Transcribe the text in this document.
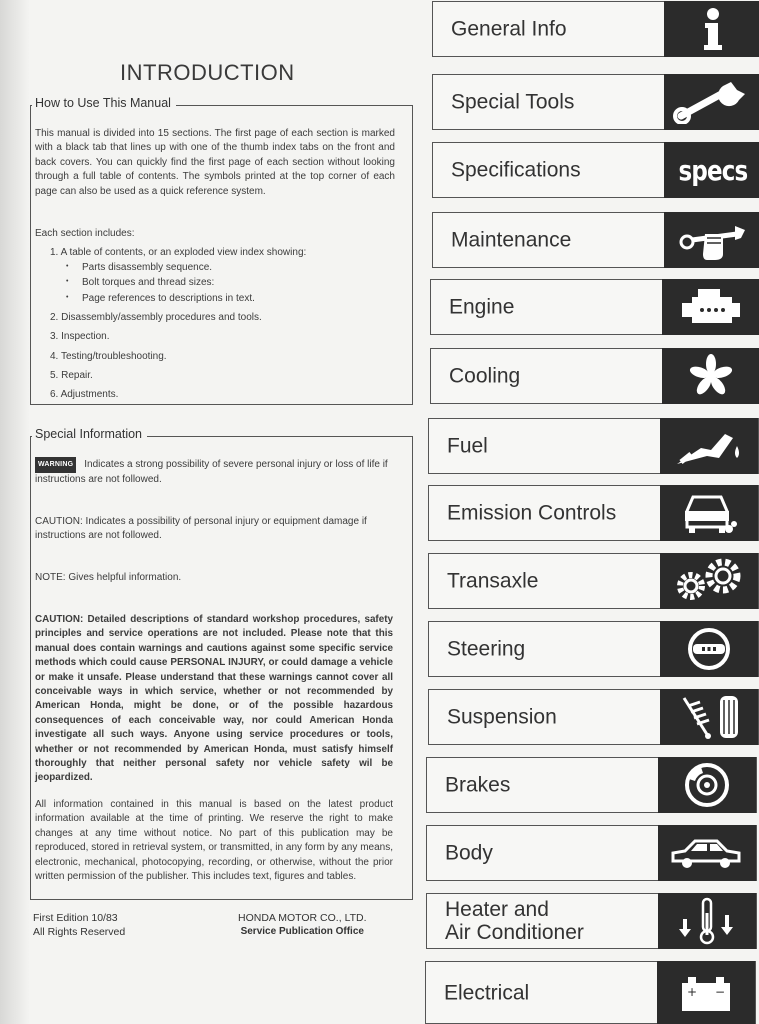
INTRODUCTION
How to Use This Manual
This manual is divided into 15 sections. The first page of each section is marked with a black tab that lines up with one of the thumb index tabs on the front and back covers. You can quickly find the first page of each section without looking through a full table of contents. The symbols printed at the top corner of each page can also be used as a quick reference system.
Each section includes:
1. A table of contents, or an exploded view index showing:
• Parts disassembly sequence.
• Bolt torques and thread sizes:
• Page references to descriptions in text.
2. Disassembly/assembly procedures and tools.
3. Inspection.
4. Testing/troubleshooting.
5. Repair.
6. Adjustments.
Special Information
WARNING Indicates a strong possibility of severe personal injury or loss of life if instructions are not followed.
CAUTION: Indicates a possibility of personal injury or equipment damage if instructions are not followed.
NOTE: Gives helpful information.
CAUTION: Detailed descriptions of standard workshop procedures, safety principles and service operations are not included. Please note that this manual does contain warnings and cautions against some specific service methods which could cause PERSONAL INJURY, or could damage a vehicle or make it unsafe. Please understand that these warnings cannot cover all conceivable ways in which service, whether or not recommended by American Honda, might be done, or of the possible hazardous consequences of each conceivable way, nor could American Honda investigate all such ways. Anyone using service procedures or tools, whether or not recommended by American Honda, must satisfy himself thoroughly that neither personal safety nor vehicle safety wil be jeopardized.
All information contained in this manual is based on the latest product information available at the time of printing. We reserve the right to make changes at any time without notice. No part of this publication may be reproduced, stored in retrieval system, or transmitted, in any form by any means, electronic, mechanical, photocopying, recording, or otherwise, without the prior written permission of the publisher. This includes text, figures and tables.
First Edition 10/83
All Rights Reserved
HONDA MOTOR CO., LTD.
Service Publication Office
General Info
Special Tools
Specifications	specs
Maintenance
Engine
Cooling
Fuel
Emission Controls
Transaxle
Steering
Suspension
Brakes
Body
Heater and
Air Conditioner
Electrical	+ −
